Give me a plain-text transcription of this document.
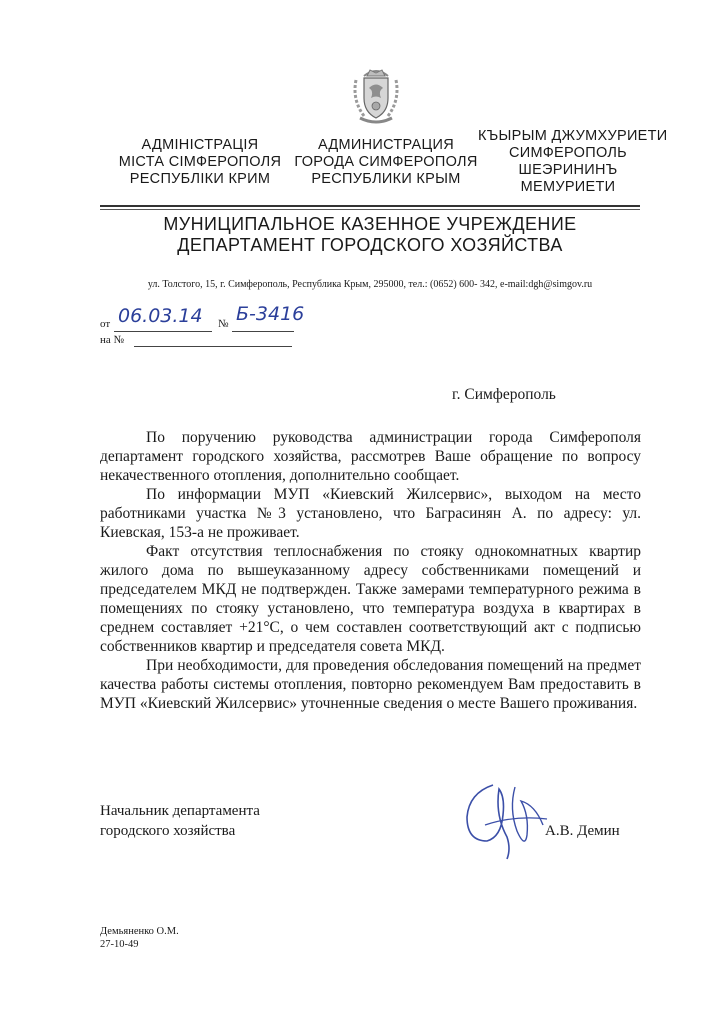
АДМІНІСТРАЦІЯ
МІСТА СІМФЕРОПОЛЯ
РЕСПУБЛІКИ КРИМ
АДМИНИСТРАЦИЯ
ГОРОДА СИМФЕРОПОЛЯ
РЕСПУБЛИКИ КРЫМ
КЪЫРЫМ ДЖУМХУРИЕТИ
СИМФЕРОПОЛЬ
ШЕЭРИНИНЪ
МЕМУРИЕТИ
МУНИЦИПАЛЬНОЕ КАЗЕННОЕ УЧРЕЖДЕНИЕ
ДЕПАРТАМЕНТ ГОРОДСКОГО ХОЗЯЙСТВА
ул. Толстого, 15, г. Симферополь, Республика Крым, 295000, тел.: (0652) 600- 342, e-mail:dgh@simgov.ru
от 06.03.14 № Б-3416
на №
г. Симферополь

По поручению руководства администрации города Симферополя департамент городского хозяйства, рассмотрев Ваше обращение по вопросу некачественного отопления, дополнительно сообщает.

По информации МУП «Киевский Жилсервис», выходом на место работниками участка №3 установлено, что Баграсинян А. по адресу: ул. Киевская, 153-а не проживает.

Факт отсутствия теплоснабжения по стояку однокомнатных квартир жилого дома по вышеуказанному адресу собственниками помещений и председателем МКД не подтвержден. Также замерами температурного режима в помещениях по стояку установлено, что температура воздуха в квартирах в среднем составляет +21°С, о чем составлен соответствующий акт с подписью собственников квартир и председателя совета МКД.

При необходимости, для проведения обследования помещений на предмет качества работы системы отопления, повторно рекомендуем Вам предоставить в МУП «Киевский Жилсервис» уточненные сведения о месте Вашего проживания.

Начальник департамента
городского хозяйства	А.В. Демин
Демьяненко О.М.
27-10-49
